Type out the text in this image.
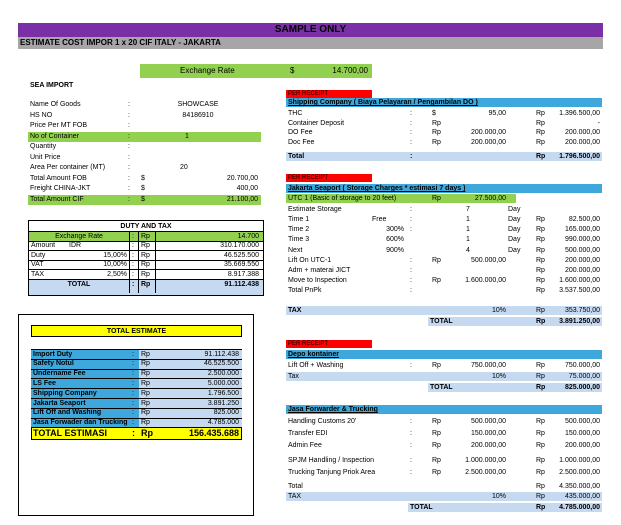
SAMPLE ONLY
ESTIMATE COST IMPOR 1 x 20 CIF ITALY - JAKARTA
Exchange Rate	$	14.700,00
SEA IMPORT
Name Of Goods	:	SHOWCASE
HS NO	:	84186910
Price Per MT FOB	:
No of Container	:	1
Quantity	:
Unit Price	:
Area Per container (MT)	:	20
Total Amount FOB	: $	20.700,00
Freight CHINA-JKT	: $	400,00
Total Amount CIF	: $	21.100,00
DUTY AND TAX
Exchange Rate	: Rp	14.700
Amount IDR	: Rp	310.170.000
Duty	15,00% : Rp	46.525.500
VAT	10,00% : Rp	35.669.550
TAX	2,50% : Rp	8.917.388
TOTAL	: Rp	91.112.438
TOTAL ESTIMATE
Import Duty	: Rp	91.112.438
Safety Notul	: Rp	46.525.500
Undername Fee	: Rp	2.500.000
LS Fee	: Rp	5.000.000
Shipping Company	: Rp	1.796.500
Jakarta Seaport	: Rp	3.891.250
Lift Off and Washing	: Rp	825.000
Jasa Forwader dan Trucking : Rp	4.785.000
TOTAL ESTIMASI	: Rp	156.435.688
PER RECEIPT
Shipping Company ( Biaya Pelayaran / Pengambilan DO )
THC	:	$	95,00	Rp	1.396.500,00
Container Deposit	:	Rp	Rp	-
DO Fee	:	Rp	200.000,00	Rp	200.000,00
Doc Fee	:	Rp	200.000,00	Rp	200.000,00
Total	:	Rp	1.796.500,00
PER RECEIPT
Jakarta Seaport ( Storage Charges * estimasi 7 days )
UTC 1 (Basic of storage to 20 feet)	Rp	27.500,00
Estimate Storage	:	7	Day
Time 1	Free	:	1	Day Rp	82.500,00
Time 2	300% :	1	Day Rp	165.000,00
Time 3	600%	1	Day Rp	990.000,00
Next	900%	4	Day Rp	500.000,00
Lift On UTC-1	:	Rp	500.000,00	Rp	200.000,00
Adm + materai JICT	:	Rp	200.000,00
Move to Inspection	:	Rp	1.600.000,00	Rp	1.600.000,00
Total PnPk	:	Rp	3.537.500,00
TAX	10%	Rp	353.750,00
TOTAL	Rp	3.891.250,00
PER RECEIPT
Depo kontainer
Lift Off + Washing	:	Rp	750.000,00	Rp	750.000,00
Tax	10%	Rp	75.000,00
TOTAL	Rp	825.000,00
Jasa Forwarder & Trucking
Handling Customs 20'	:	Rp	500.000,00	Rp	500.000,00
Transfer EDI	:	Rp	150.000,00	Rp	150.000,00
Admin Fee	:	Rp	200.000,00	Rp	200.000,00
SPJM Handling / Inspection	:	Rp	1.000.000,00	Rp	1.000.000,00
Trucking Tanjung Priok Area	:	Rp	2.500.000,00	Rp	2.500.000,00
Total	Rp	4.350.000,00
TAX	10%	Rp	435.000,00
TOTAL	Rp	4.785.000,00
